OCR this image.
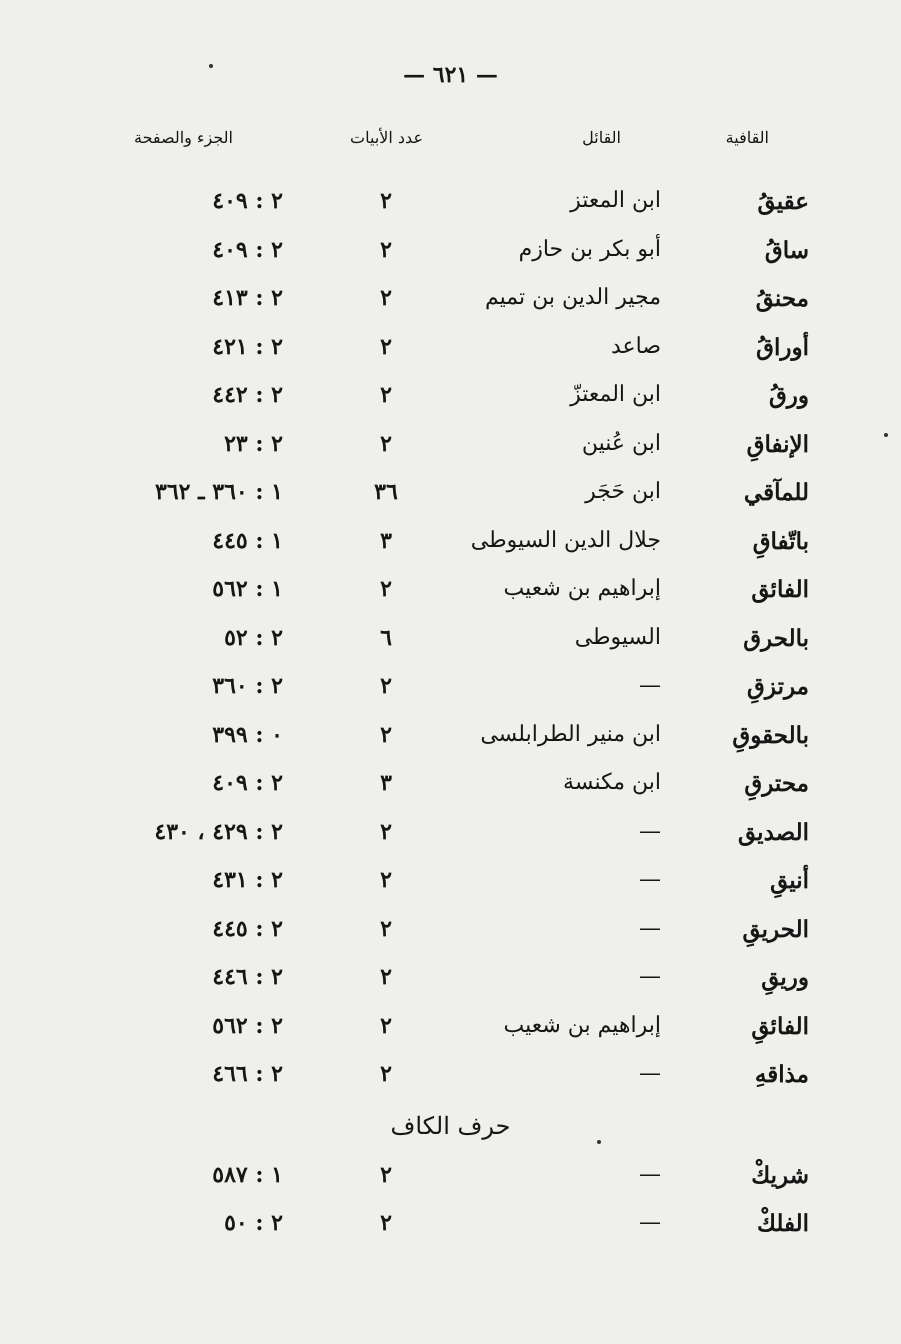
— ٦٢١ —
القافية
القائل
عدد الأبيات
الجزء والصفحة
عقيقُ
ابن المعتز
٢
٢ : ٤٠٩
ساقُ
أبو بكر بن حازم
٢
٢ : ٤٠٩
محنقُ
مجير الدين بن تميم
٢
٢ : ٤١٣
أوراقُ
صاعد
٢
٢ : ٤٢١
ورقُ
ابن المعتزّ
٢
٢ : ٤٤٢
الإنفاقِ
ابن عُنين
٢
٢ : ٢٣
للمآقي
ابن حَجَر
٣٦
١ : ٣٦٠ ـ ٣٦٢
باتّفاقِ
جلال الدين السيوطى
٣
١ : ٤٤٥
الفائق
إبراهيم بن شعيب
٢
١ : ٥٦٢
بالحرق
السيوطى
٦
٢ : ٥٢
مرتزقِ
—
٢
٢ : ٣٦٠
بالحقوقِ
ابن منير الطرابلسى
٢
٠ : ٣٩٩
محترقِ
ابن مكنسة
٣
٢ : ٤٠٩
الصديق
—
٢
٢ : ٤٢٩ ، ٤٣٠
أنيقِ
—
٢
٢ : ٤٣١
الحريقِ
—
٢
٢ : ٤٤٥
وريقِ
—
٢
٢ : ٤٤٦
الفائقِ
إبراهيم بن شعيب
٢
٢ : ٥٦٢
مذاقهِ
—
٢
٢ : ٤٦٦
حرف الكاف
شريكْ
—
٢
١ : ٥٨٧
الفلكْ
—
٢
٢ : ٥٠
